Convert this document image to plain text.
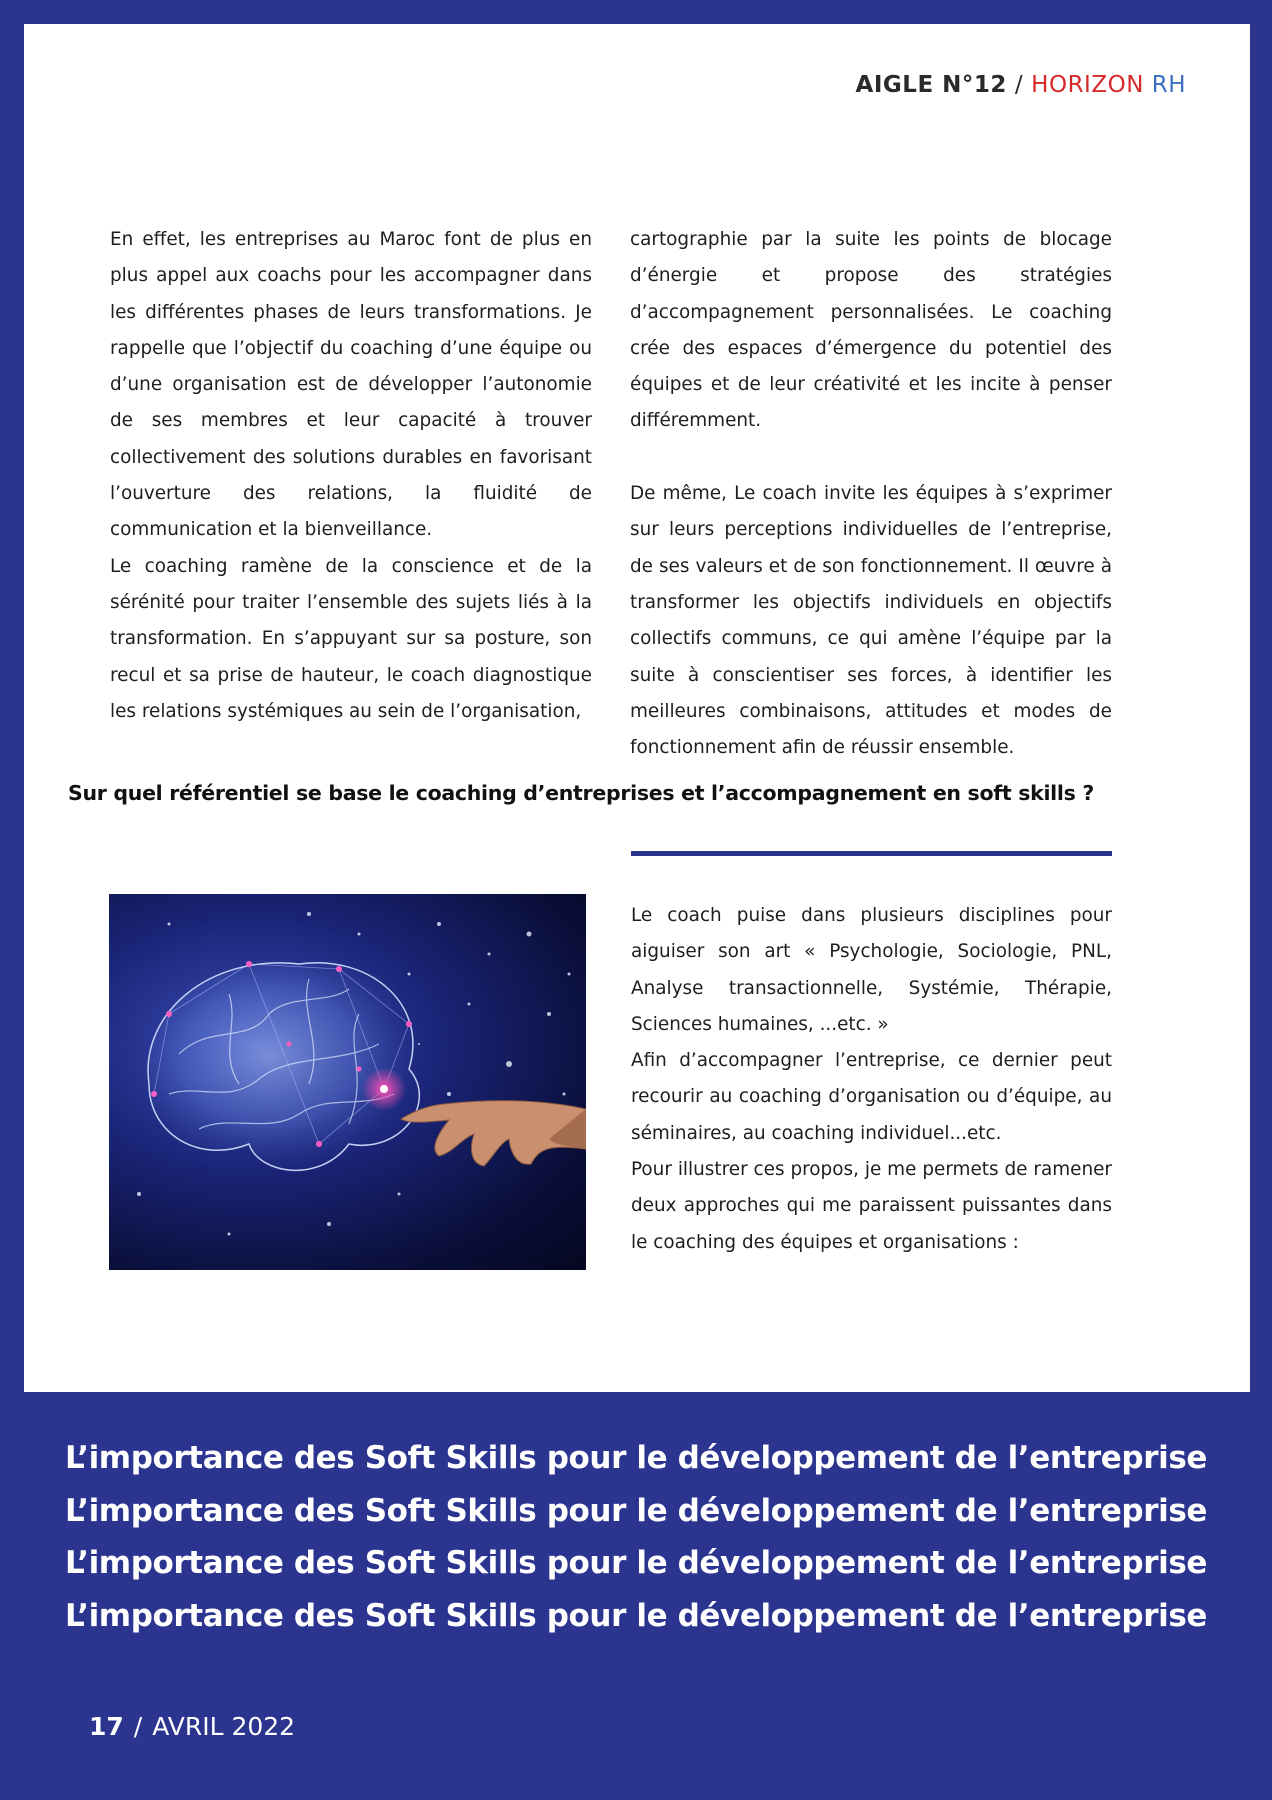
AIGLE N°12 / HORIZON RH

En effet, les entreprises au Maroc font de plus en plus appel aux coachs pour les accompagner dans les différentes phases de leurs transformations. Je rappelle que l’objectif du coaching d’une équipe ou d’une organisation est de développer l’autonomie de ses membres et leur capacité à trouver collectivement des solutions durables en favorisant l’ouverture des relations, la fluidité de communication et la bienveillance.

Le coaching ramène de la conscience et de la sérénité pour traiter l’ensemble des sujets liés à la transformation. En s’appuyant sur sa posture, son recul et sa prise de hauteur, le coach diagnostique les relations systémiques au sein de l’organisation,

cartographie par la suite les points de blocage d’énergie et propose des stratégies d’accompagnement personnalisées. Le coaching crée des espaces d’émergence du potentiel des équipes et de leur créativité et les incite à penser différemment.

De même, Le coach invite les équipes à s’exprimer sur leurs perceptions individuelles de l’entreprise, de ses valeurs et de son fonctionnement. Il œuvre à transformer les objectifs individuels en objectifs collectifs communs, ce qui amène l’équipe par la suite à conscientiser ses forces, à identifier les meilleures combinaisons, attitudes et modes de fonctionnement afin de réussir ensemble.

Sur quel référentiel se base le coaching d’entreprises et l’accompagnement en soft skills ?

Le coach puise dans plusieurs disciplines pour aiguiser son art « Psychologie, Sociologie, PNL, Analyse transactionnelle, Systémie, Thérapie, Sciences humaines, ...etc. »

Afin d’accompagner l’entreprise, ce dernier peut recourir au coaching d’organisation ou d’équipe, au séminaires, au coaching individuel...etc.

Pour illustrer ces propos, je me permets de ramener deux approches qui me paraissent puissantes dans le coaching des équipes et organisations :

L’importance des Soft Skills pour le développement de l’entreprise
L’importance des Soft Skills pour le développement de l’entreprise
L’importance des Soft Skills pour le développement de l’entreprise
L’importance des Soft Skills pour le développement de l’entreprise
17 / AVRIL 2022
